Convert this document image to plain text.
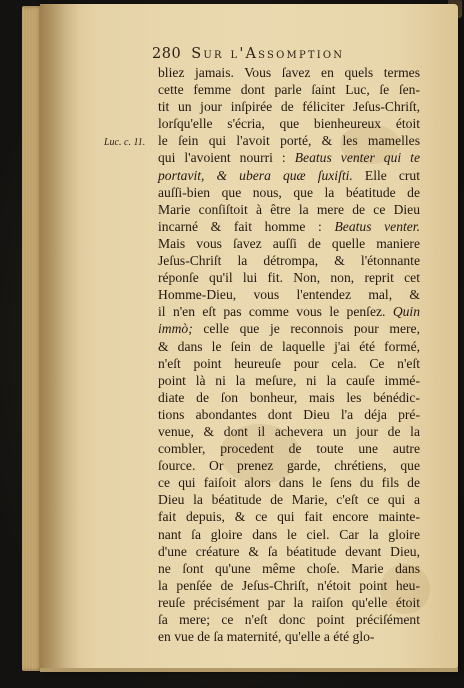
280 Sur l'Assomption
Luc. c. 11.
bliez jamais. Vous ſavez en quels termes
cette femme dont parle ſaint Luc, ſe ſen-
tit un jour inſpirée de féliciter Jeſus-Chriſt,
lorſqu'elle s'écria, que bienheureux étoit
le ſein qui l'avoit porté, & les mamelles
qui l'avoient nourri : Beatus venter qui te
portavit, & ubera quæ ſuxiſti. Elle crut
auſſi-bien que nous, que la béatitude de
Marie conſiſtoit à être la mere de ce Dieu
incarné & fait homme : Beatus venter.
Mais vous ſavez auſſi de quelle maniere
Jeſus-Chriſt la détrompa, & l'étonnante
réponſe qu'il lui fit. Non, non, reprit cet
Homme-Dieu, vous l'entendez mal, &
il n'en eſt pas comme vous le penſez. Quin
immò; celle que je reconnois pour mere,
& dans le ſein de laquelle j'ai été formé,
n'eſt point heureuſe pour cela. Ce n'eſt
point là ni la meſure, ni la cauſe immé-
diate de ſon bonheur, mais les bénédic-
tions abondantes dont Dieu l'a déja pré-
venue, & dont il achevera un jour de la
combler, procedent de toute une autre
ſource. Or prenez garde, chrétiens, que
ce qui faiſoit alors dans le ſens du fils de
Dieu la béatitude de Marie, c'eſt ce qui a
fait depuis, & ce qui fait encore mainte-
nant ſa gloire dans le ciel. Car la gloire
d'une créature & ſa béatitude devant Dieu,
ne ſont qu'une même choſe. Marie dans
la penſée de Jeſus-Chriſt, n'étoit point heu-
reuſe précisément par la raiſon qu'elle étoit
ſa mere; ce n'eſt donc point préciſément
en vue de ſa maternité, qu'elle a été glo-
